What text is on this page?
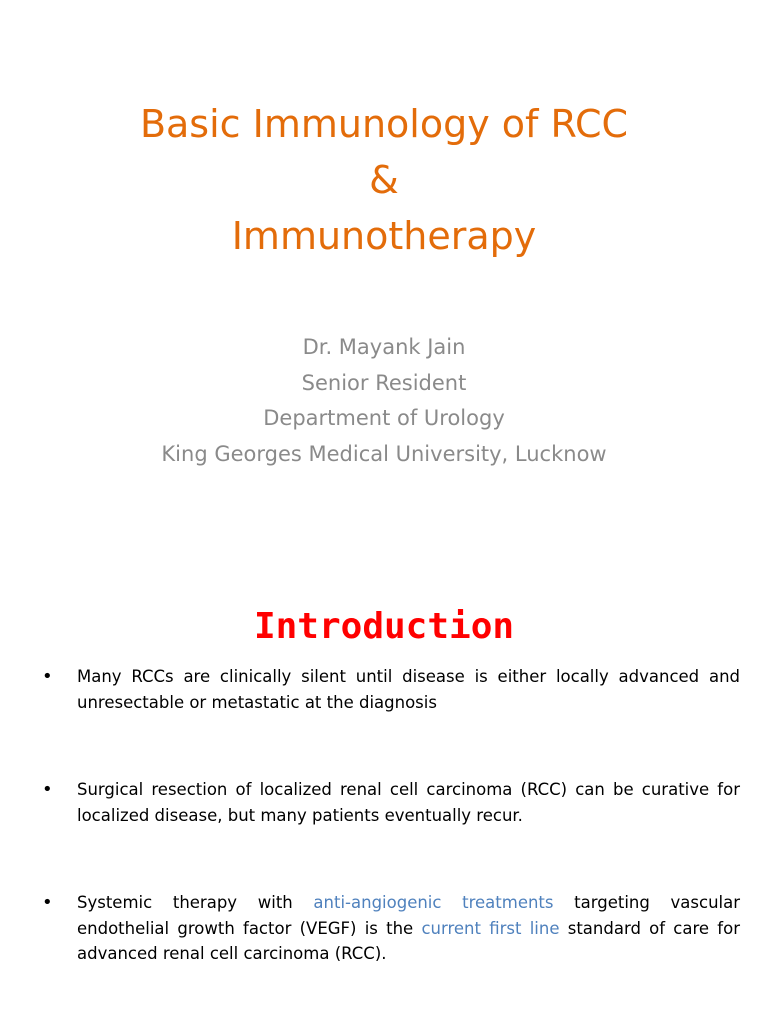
Basic Immunology of RCC
&
Immunotherapy
Dr. Mayank Jain
Senior Resident
Department of Urology
King Georges Medical University, Lucknow
Introduction
• Many RCCs are clinically silent until disease is either locally advanced and unresectable or metastatic at the diagnosis
• Surgical resection of localized renal cell carcinoma (RCC) can be curative for localized disease, but many patients eventually recur.
• Systemic therapy with anti-angiogenic treatments targeting vascular endothelial growth factor (VEGF) is the current first line standard of care for advanced renal cell carcinoma (RCC).
